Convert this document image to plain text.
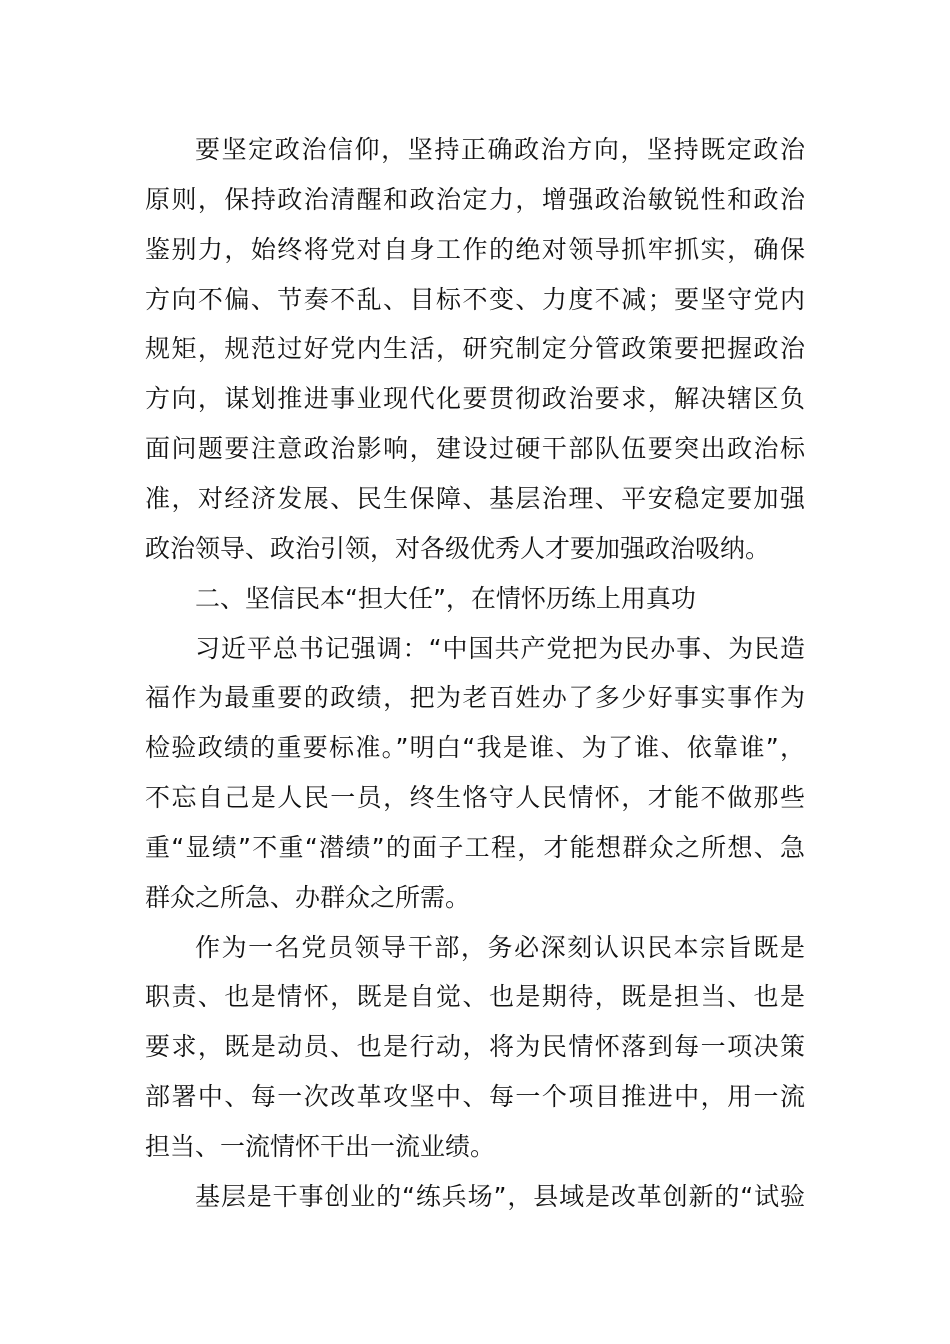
要坚定政治信仰，坚持正确政治方向，坚持既定政治
原则，保持政治清醒和政治定力，增强政治敏锐性和政治
鉴别力，始终将党对自身工作的绝对领导抓牢抓实，确保
方向不偏、节奏不乱、目标不变、力度不减；要坚守党内
规矩，规范过好党内生活，研究制定分管政策要把握政治
方向，谋划推进事业现代化要贯彻政治要求，解决辖区负
面问题要注意政治影响，建设过硬干部队伍要突出政治标
准，对经济发展、民生保障、基层治理、平安稳定要加强
政治领导、政治引领，对各级优秀人才要加强政治吸纳。
二、坚信民本“担大任”，在情怀历练上用真功
习近平总书记强调：“中国共产党把为民办事、为民造
福作为最重要的政绩，把为老百姓办了多少好事实事作为
检验政绩的重要标准。”明白“我是谁、为了谁、依靠谁”，
不忘自己是人民一员，终生恪守人民情怀，才能不做那些
重“显绩”不重“潜绩”的面子工程，才能想群众之所想、急
群众之所急、办群众之所需。
作为一名党员领导干部，务必深刻认识民本宗旨既是
职责、也是情怀，既是自觉、也是期待，既是担当、也是
要求，既是动员、也是行动，将为民情怀落到每一项决策
部署中、每一次改革攻坚中、每一个项目推进中，用一流
担当、一流情怀干出一流业绩。
基层是干事创业的“练兵场”，县域是改革创新的“试验
